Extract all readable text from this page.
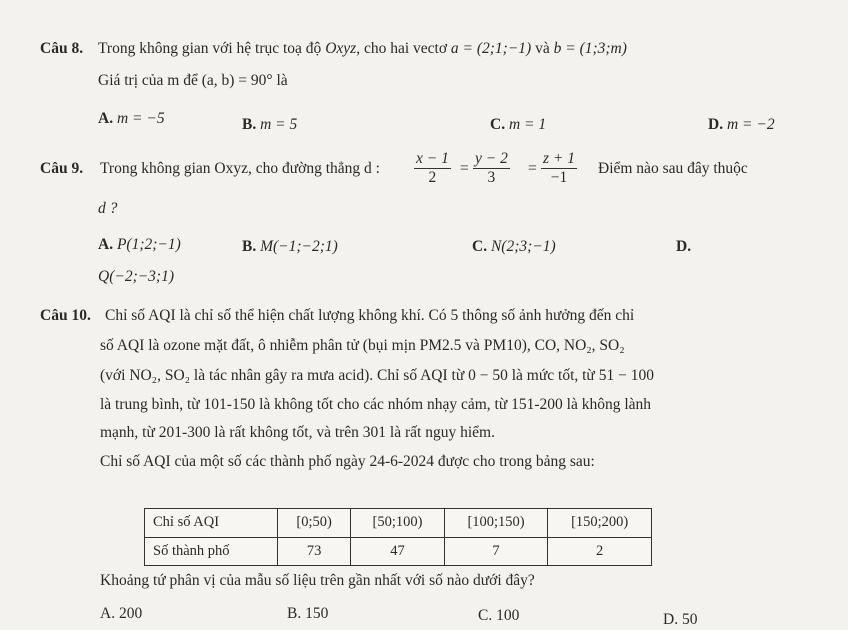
Câu 8. Trong không gian với hệ trục toạ độ Oxyz, cho hai vectơ a = (2;1;−1) và b = (1;3;m)
Giá trị của m để (a, b) = 90° là
A. m = −5	B. m = 5	C. m = 1	D. m = −2
Câu 9. Trong không gian Oxyz, cho đường thẳng d : $\frac{x - 1}{2} = \frac{y - 2}{3} = \frac{z + 1}{-1}$ Điểm nào sau đây thuộc
d ?
A. P(1;2;−1)	B. M(−1;−2;1)	C. N(2;3;−1)	D.
Q(−2;−3;1)
Câu 10. Chỉ số AQI là chỉ số thể hiện chất lượng không khí. Có 5 thông số ảnh hưởng đến chỉ
số AQI là ozone mặt đất, ô nhiễm phân tử (bụi mịn PM2.5 và PM10), CO, NO₂, SO₂
(với NO₂, SO₂ là tác nhân gây ra mưa acid). Chỉ số AQI từ 0 − 50 là mức tốt, từ 51 − 100
là trung bình, từ 101-150 là không tốt cho các nhóm nhạy cảm, từ 151-200 là không lành
mạnh, từ 201-300 là rất không tốt, và trên 301 là rất nguy hiểm.
Chỉ số AQI của một số các thành phố ngày 24-6-2024 được cho trong bảng sau:
Chỉ số AQI	[0;50)	[50;100)	[100;150)	[150;200)
Số thành phố	73	47	7	2
Khoảng tứ phân vị của mẫu số liệu trên gần nhất với số nào dưới đây?
A. 200	B. 150	C. 100	D. 50
